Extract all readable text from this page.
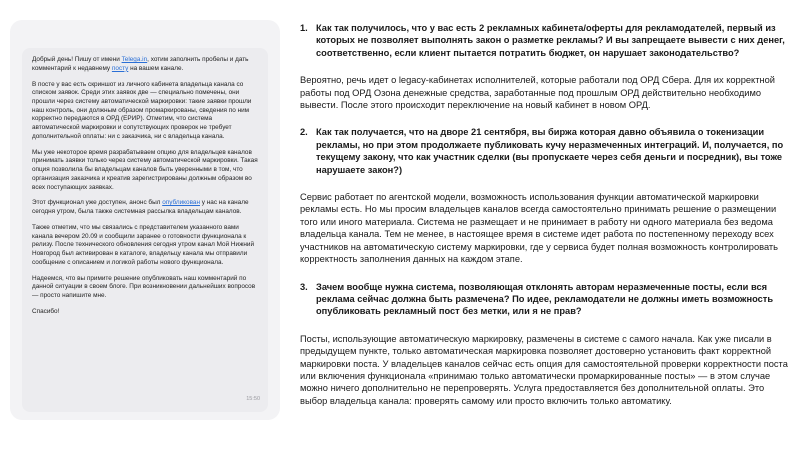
Добрый день! Пишу от имени Telega.in, хотим заполнить пробелы и дать комментарий к недавнему посту на вашем канале.

В посте у вас есть скриншот из личного кабинета владельца канала со списком заявок. Среди этих заявок две — специально помечены, они прошли через систему автоматической маркировки: такие заявки прошли наш контроль, они должным образом промаркированы, сведения по ним корректно передаются в ОРД (ЕРИР). Отметим, что система автоматической маркировки и сопутствующих проверок не требует дополнительной оплаты: ни с заказчика, ни с владельца канала.

Мы уже некоторое время разрабатываем опцию для владельцев каналов принимать заявки только через систему автоматической маркировки. Такая опция позволила бы владельцам каналов быть уверенными в том, что организация заказчика и креатив зарегистрированы должным образом во всех поступающих заявках.

Этот функционал уже доступен, анонс был опубликован у нас на канале сегодня утром, была также системная рассылка владельцам каналов.

Также отметим, что мы связались с представителем указанного вами канала вечером 20.09 и сообщили заранее о готовности функционала к релизу. После технического обновления сегодня утром канал Мой Нижний Новгород был активирован в каталоге, владельцу канала мы отправили сообщение с описанием и логикой работы нового функционала.

Надеемся, что вы примите решение опубликовать наш комментарий по данной ситуации в своем блоге. При возникновении дальнейших вопросов — просто напишите мне.

Спасибо!

15:50
1. Как так получилось, что у вас есть 2 рекламных кабинета/оферты для рекламодателей, первый из которых не позволяет выполнять закон о разметке рекламы? И вы запрещаете вывести с них денег, соответственно, если клиент пытается потратить бюджет, он нарушает законодательство?
Вероятно, речь идет о legacy-кабинетах исполнителей, которые работали под ОРД Сбера. Для их корректной работы под ОРД Озона денежные средства, заработанные под прошлым ОРД действительно необходимо вывести. После этого происходит переключение на новый кабинет в новом ОРД.
2. Как так получается, что на дворе 21 сентября, вы биржа которая давно объявила о токенизации рекламы, но при этом продолжаете публиковать кучу неразмеченных интеграций. И, получается, по текущему закону, что как участник сделки (вы пропускаете через себя деньги и посредник), вы тоже нарушаете закон?)
Сервис работает по агентской модели, возможность использования функции автоматической маркировки рекламы есть. Но мы просим владельцев каналов всегда самостоятельно принимать решение о размещении того или иного материала. Система не размещает и не принимает в работу ни одного материала без ведома владельца канала. Тем не менее, в настоящее время в системе идет работа по постепенному переходу всех участников на автоматическую систему маркировки, где у сервиса будет полная возможность контролировать корректность заполнения данных на каждом этапе.
3. Зачем вообще нужна система, позволяющая отклонять авторам неразмеченные посты, если вся реклама сейчас должна быть размечена? По идее, рекламодатели не должны иметь возможность опубликовать рекламный пост без метки, или я не прав?
Посты, использующие автоматическую маркировку, размечены в системе с самого начала. Как уже писали в предыдущем пункте, только автоматическая маркировка позволяет достоверно установить факт корректной маркировки поста. У владельцев каналов сейчас есть опция для самостоятельной проверки корректности поста или включения функционала «принимаю только автоматически промаркированные посты» — в этом случае можно ничего дополнительно не перепроверять. Услуга предоставляется без дополнительной оплаты. Это выбор владельца канала: проверять самому или просто включить только автоматику.
